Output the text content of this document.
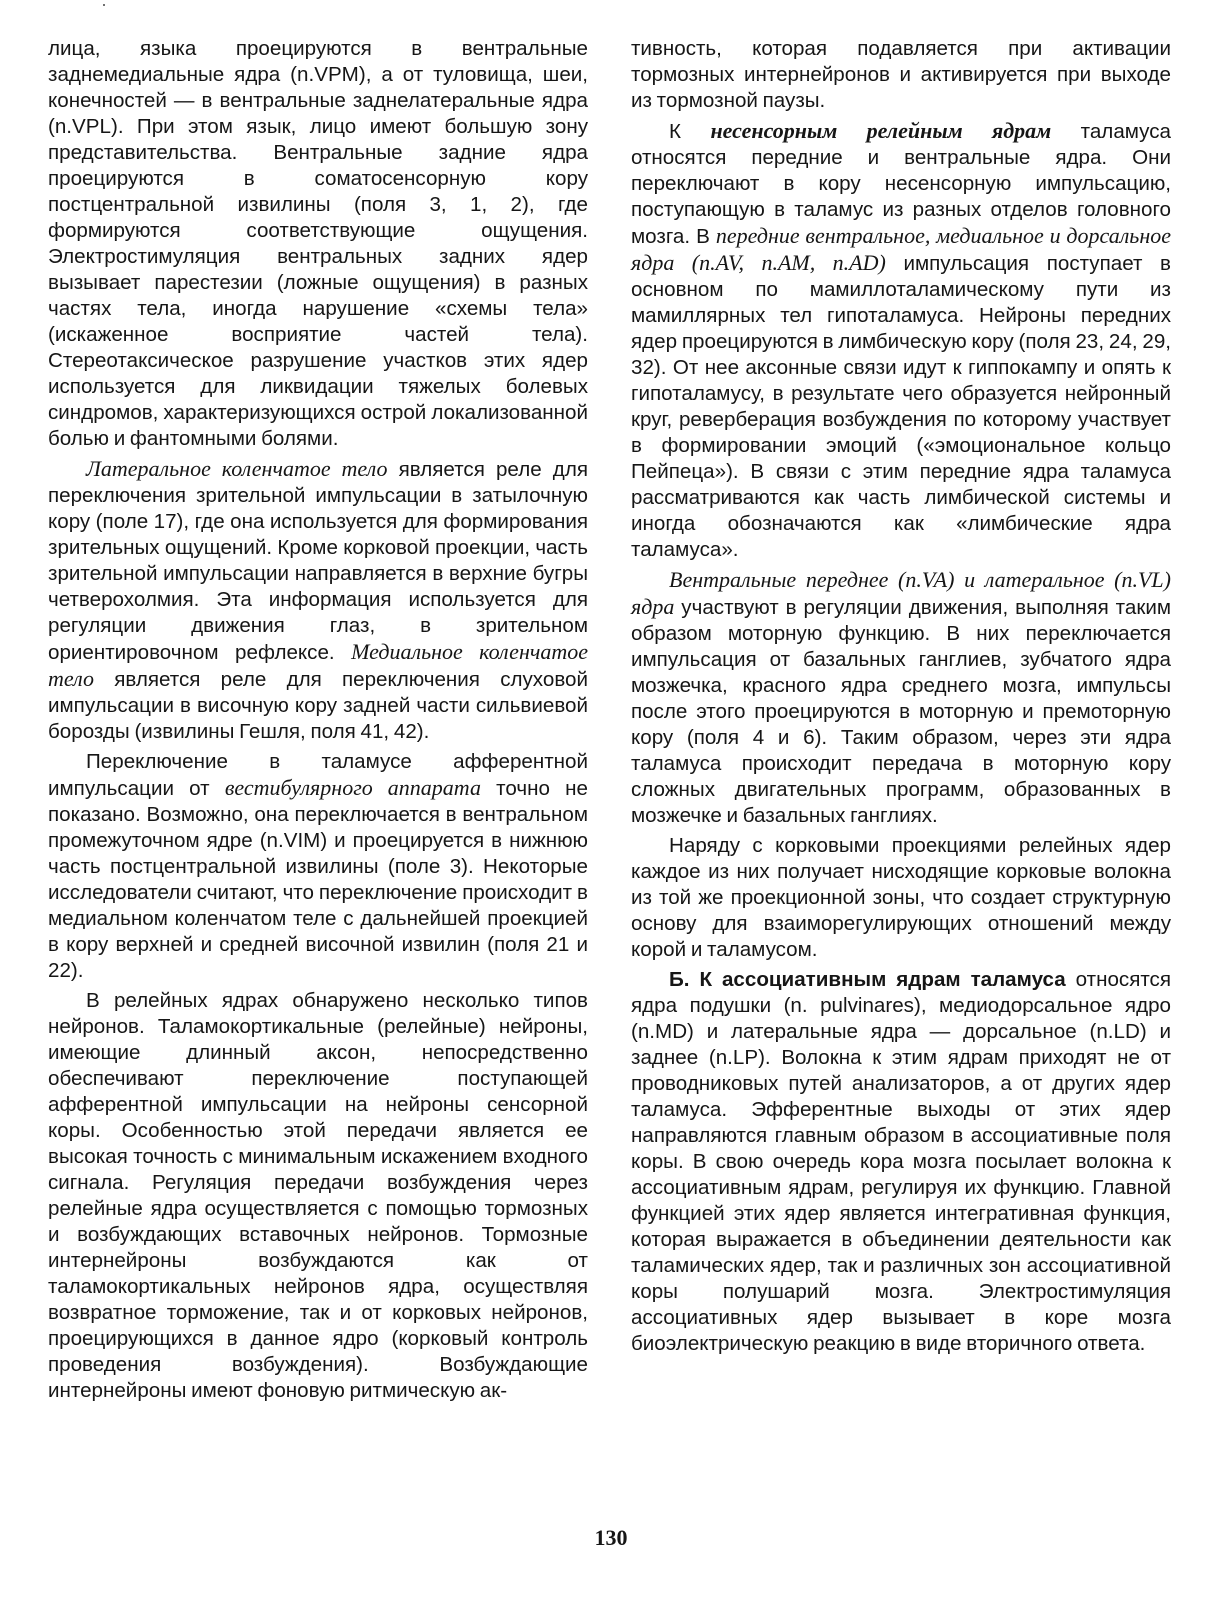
лица, языка проецируются в вентральные заднемедиальные ядра (n.VPM), а от туловища, шеи, конечностей — в вентральные заднелатеральные ядра (n.VPL). При этом язык, лицо имеют большую зону представительства. Вентральные задние ядра проецируются в соматосенсорную кору постцентральной извилины (поля 3, 1, 2), где формируются соответствующие ощущения. Электростимуляция вентральных задних ядер вызывает парестезии (ложные ощущения) в разных частях тела, иногда нарушение «схемы тела» (искаженное восприятие частей тела). Стереотаксическое разрушение участков этих ядер используется для ликвидации тяжелых болевых синдромов, характеризующихся острой локализованной болью и фантомными болями.

Латеральное коленчатое тело является реле для переключения зрительной импульсации в затылочную кору (поле 17), где она используется для формирования зрительных ощущений. Кроме корковой проекции, часть зрительной импульсации направляется в верхние бугры четверохолмия. Эта информация используется для регуляции движения глаз, в зрительном ориентировочном рефлексе. Медиальное коленчатое тело является реле для переключения слуховой импульсации в височную кору задней части сильвиевой борозды (извилины Гешля, поля 41, 42).

Переключение в таламусе афферентной импульсации от вестибулярного аппарата точно не показано. Возможно, она переключается в вентральном промежуточном ядре (n.VIM) и проецируется в нижнюю часть постцентральной извилины (поле 3). Некоторые исследователи считают, что переключение происходит в медиальном коленчатом теле с дальнейшей проекцией в кору верхней и средней височной извилин (поля 21 и 22).

В релейных ядрах обнаружено несколько типов нейронов. Таламокортикальные (релейные) нейроны, имеющие длинный аксон, непосредственно обеспечивают переключение поступающей афферентной импульсации на нейроны сенсорной коры. Особенностью этой передачи является ее высокая точность с минимальным искажением входного сигнала. Регуляция передачи возбуждения через релейные ядра осуществляется с помощью тормозных и возбуждающих вставочных нейронов. Тормозные интернейроны возбуждаются как от таламокортикальных нейронов ядра, осуществляя возвратное торможение, так и от корковых нейронов, проецирующихся в данное ядро (корковый контроль проведения возбуждения). Возбуждающие интернейроны имеют фоновую ритмическую ак-

тивность, которая подавляется при активации тормозных интернейронов и активируется при выходе из тормозной паузы.

К несенсорным релейным ядрам таламуса относятся передние и вентральные ядра. Они переключают в кору несенсорную импульсацию, поступающую в таламус из разных отделов головного мозга. В передние вентральное, медиальное и дорсальное ядра (n.AV, n.AM, n.AD) импульсация поступает в основном по мамиллоталамическому пути из мамиллярных тел гипоталамуса. Нейроны передних ядер проецируются в лимбическую кору (поля 23, 24, 29, 32). От нее аксонные связи идут к гиппокампу и опять к гипоталамусу, в результате чего образуется нейронный круг, реверберация возбуждения по которому участвует в формировании эмоций («эмоциональное кольцо Пейпеца»). В связи с этим передние ядра таламуса рассматриваются как часть лимбической системы и иногда обозначаются как «лимбические ядра таламуса».

Вентральные переднее (n.VA) и латеральное (n.VL) ядра участвуют в регуляции движения, выполняя таким образом моторную функцию. В них переключается импульсация от базальных ганглиев, зубчатого ядра мозжечка, красного ядра среднего мозга, импульсы после этого проецируются в моторную и премоторную кору (поля 4 и 6). Таким образом, через эти ядра таламуса происходит передача в моторную кору сложных двигательных программ, образованных в мозжечке и базальных ганглиях.

Наряду с корковыми проекциями релейных ядер каждое из них получает нисходящие корковые волокна из той же проекционной зоны, что создает структурную основу для взаиморегулирующих отношений между корой и таламусом.

Б. К ассоциативным ядрам таламуса относятся ядра подушки (n. pulvinares), медиодорсальное ядро (n.MD) и латеральные ядра — дорсальное (n.LD) и заднее (n.LP). Волокна к этим ядрам приходят не от проводниковых путей анализаторов, а от других ядер таламуса. Эфферентные выходы от этих ядер направляются главным образом в ассоциативные поля коры. В свою очередь кора мозга посылает волокна к ассоциативным ядрам, регулируя их функцию. Главной функцией этих ядер является интегративная функция, которая выражается в объединении деятельности как таламических ядер, так и различных зон ассоциативной коры полушарий мозга. Электростимуляция ассоциативных ядер вызывает в коре мозга биоэлектрическую реакцию в виде вторичного ответа.

130
